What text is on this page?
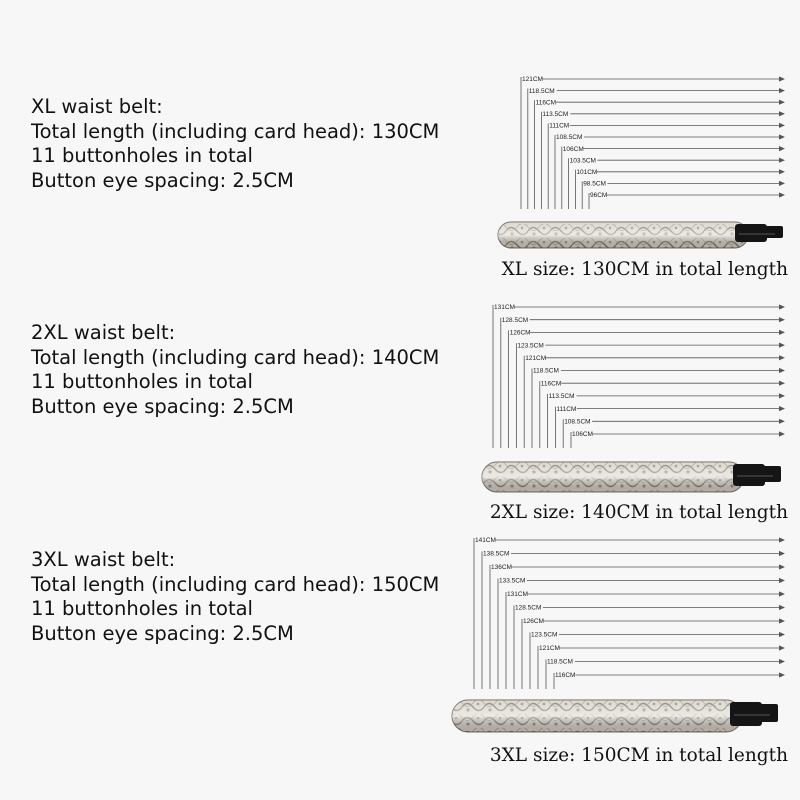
XL waist belt:
Total length (including card head): 130CM
11 buttonholes in total
Button eye spacing: 2.5CM
2XL waist belt:
Total length (including card head): 140CM
11 buttonholes in total
Button eye spacing: 2.5CM
3XL waist belt:
Total length (including card head): 150CM
11 buttonholes in total
Button eye spacing: 2.5CM
121CM
118.5CM
116CM
113.5CM
111CM
108.5CM
106CM
103.5CM
101CM
98.5CM
96CM
131CM
128.5CM
126CM
123.5CM
121CM
118.5CM
116CM
113.5CM
111CM
108.5CM
106CM
141CM
138.5CM
136CM
133.5CM
131CM
128.5CM
126CM
123.5CM
121CM
118.5CM
116CM
XL size: 130CM in total length
2XL size: 140CM in total length
3XL size: 150CM in total length
